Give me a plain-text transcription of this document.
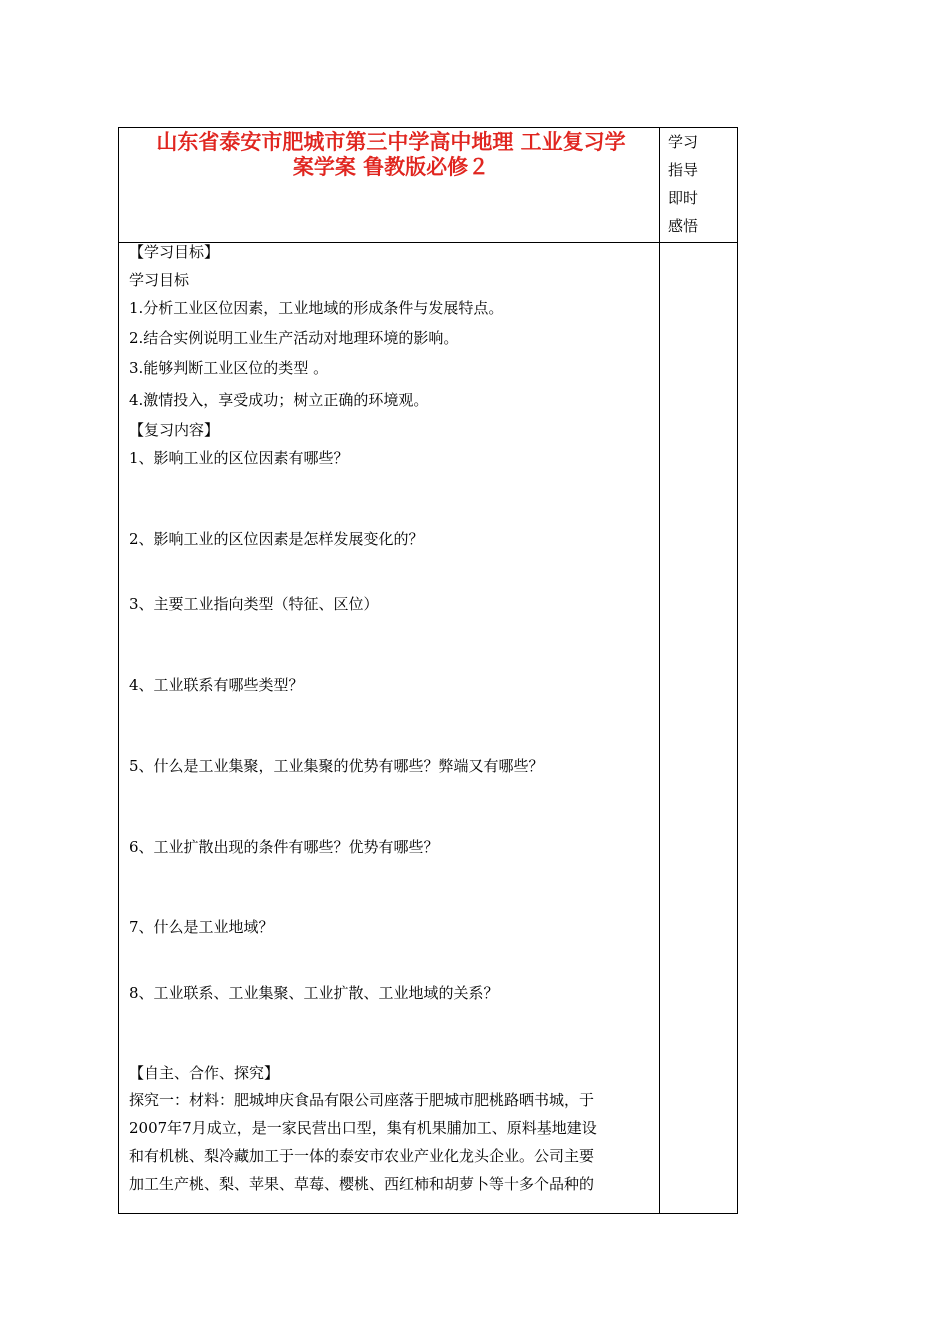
山东省泰安市肥城市第三中学高中地理 工业复习学
案学案 鲁教版必修２
学习
指导
即时
感悟
【学习目标】
学习目标
1.分析工业区位因素，工业地域的形成条件与发展特点。
2.结合实例说明工业生产活动对地理环境的影响。
3.能够判断工业区位的类型 。
4.激情投入，享受成功；树立正确的环境观。
【复习内容】
1、影响工业的区位因素有哪些？
2、影响工业的区位因素是怎样发展变化的？
3、主要工业指向类型（特征、区位）
4、工业联系有哪些类型？
5、什么是工业集聚，工业集聚的优势有哪些？弊端又有哪些？
6、工业扩散出现的条件有哪些？优势有哪些？
7、什么是工业地域？
8、工业联系、工业集聚、工业扩散、工业地域的关系？
【自主、合作、探究】
探究一：材料：肥城坤庆食品有限公司座落于肥城市肥桃路晒书城，于
2007年7月成立，是一家民营出口型，集有机果脯加工、原料基地建设
和有机桃、梨冷藏加工于一体的泰安市农业产业化龙头企业。公司主要
加工生产桃、梨、苹果、草莓、樱桃、西红柿和胡萝卜等十多个品种的
